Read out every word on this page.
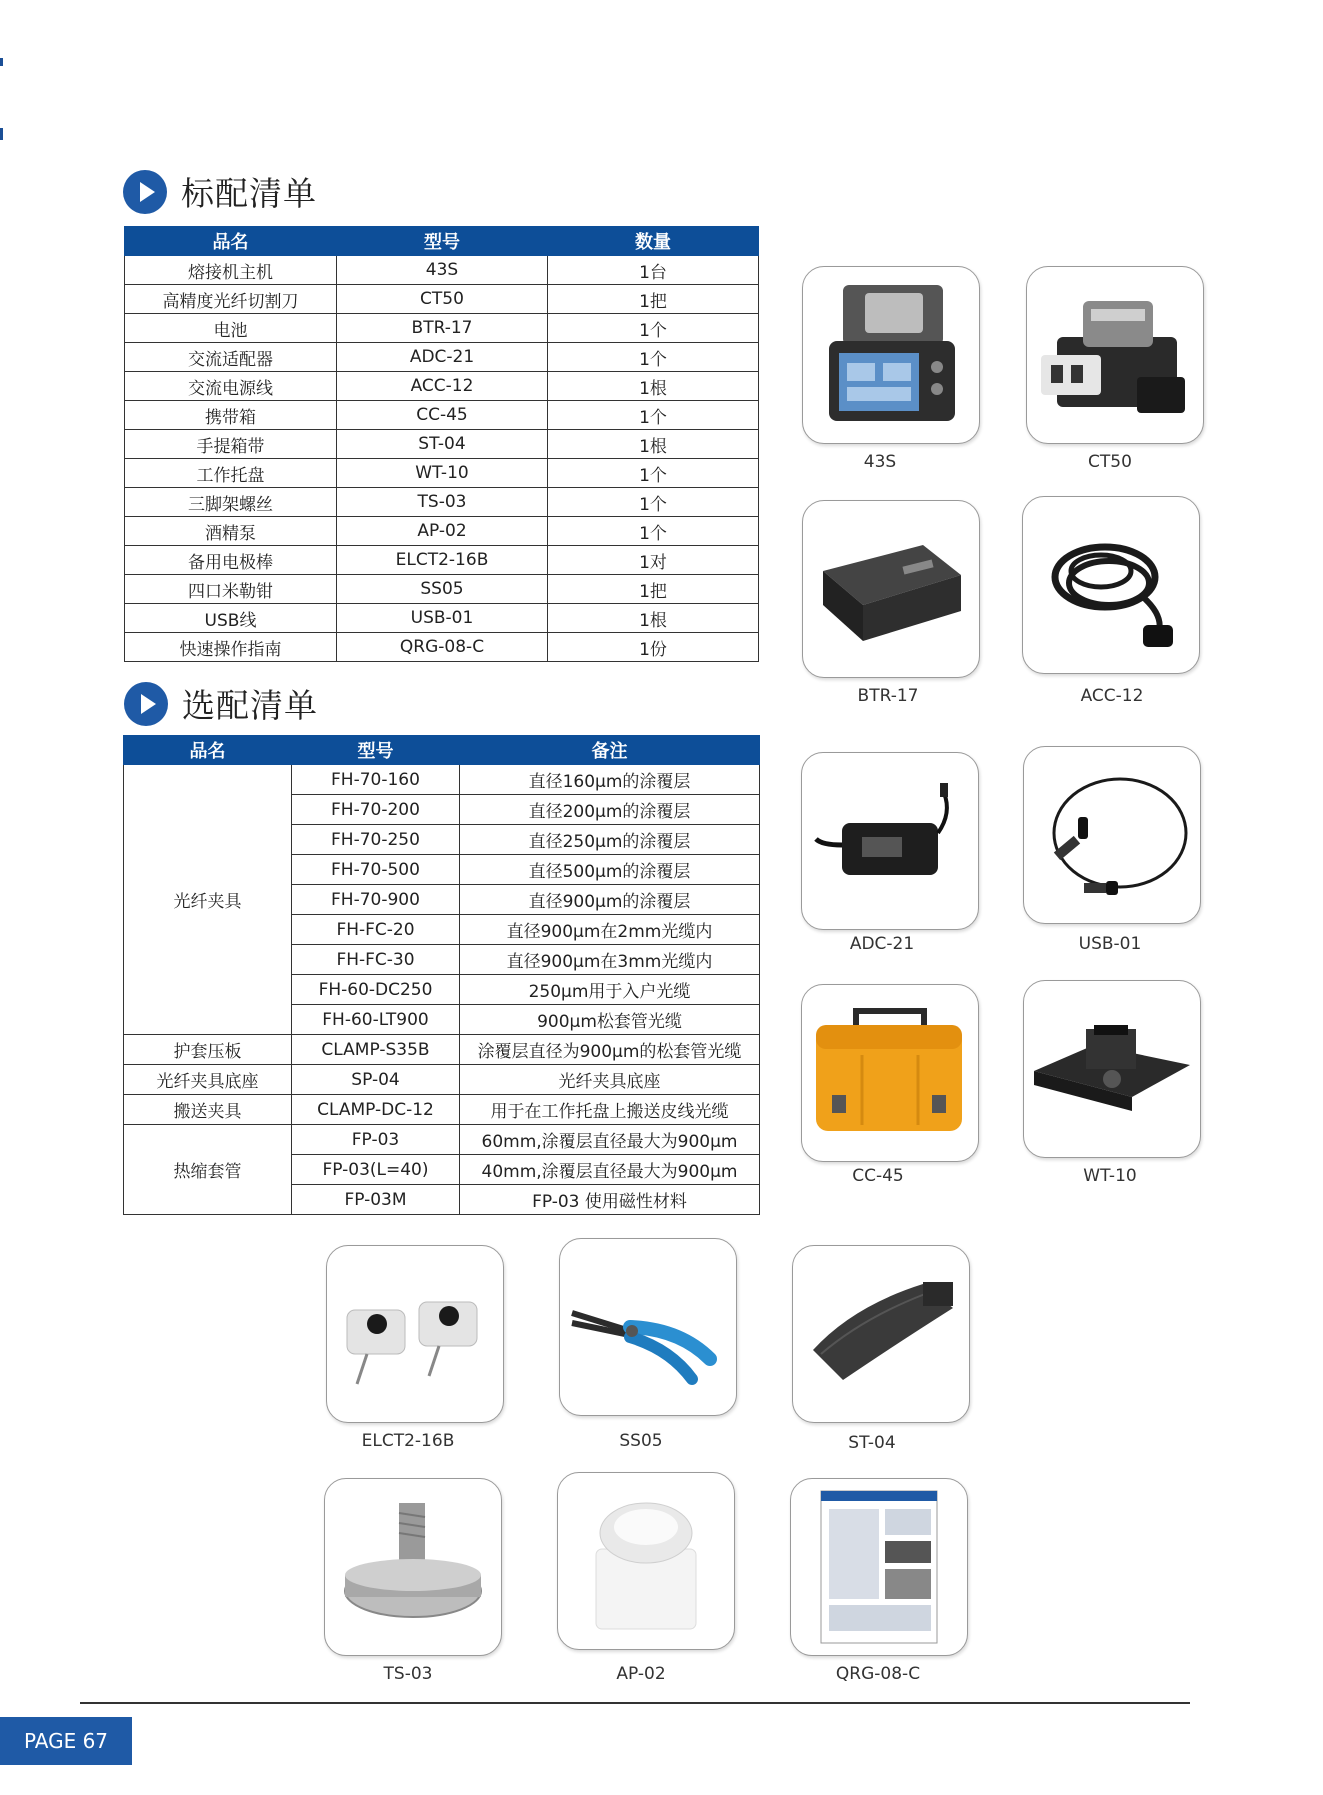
标配清单
品名	型号	数量
熔接机主机	43S	1台
高精度光纤切割刀	CT50	1把
电池	BTR-17	1个
交流适配器	ADC-21	1个
交流电源线	ACC-12	1根
携带箱	CC-45	1个
手提箱带	ST-04	1根
工作托盘	WT-10	1个
三脚架螺丝	TS-03	1个
酒精泵	AP-02	1个
备用电极棒	ELCT2-16B	1对
四口米勒钳	SS05	1把
USB线	USB-01	1根
快速操作指南	QRG-08-C	1份
选配清单
品名	型号	备注
光纤夹具	FH-70-160	直径160μm的涂覆层
	FH-70-200	直径200μm的涂覆层
	FH-70-250	直径250μm的涂覆层
	FH-70-500	直径500μm的涂覆层
	FH-70-900	直径900μm的涂覆层
	FH-FC-20	直径900μm在2mm光缆内
	FH-FC-30	直径900μm在3mm光缆内
	FH-60-DC250	250μm用于入户光缆
	FH-60-LT900	900μm松套管光缆
护套压板	CLAMP-S35B	涂覆层直径为900μm的松套管光缆
光纤夹具底座	SP-04	光纤夹具底座
搬送夹具	CLAMP-DC-12	用于在工作托盘上搬送皮线光缆
热缩套管	FP-03	60mm,涂覆层直径最大为900μm
	FP-03(L=40)	40mm,涂覆层直径最大为900μm
	FP-03M	FP-03 使用磁性材料
43S	CT50
BTR-17	ACC-12
ADC-21	USB-01
CC-45	WT-10
ELCT2-16B	SS05	ST-04
TS-03	AP-02	QRG-08-C
PAGE 67
